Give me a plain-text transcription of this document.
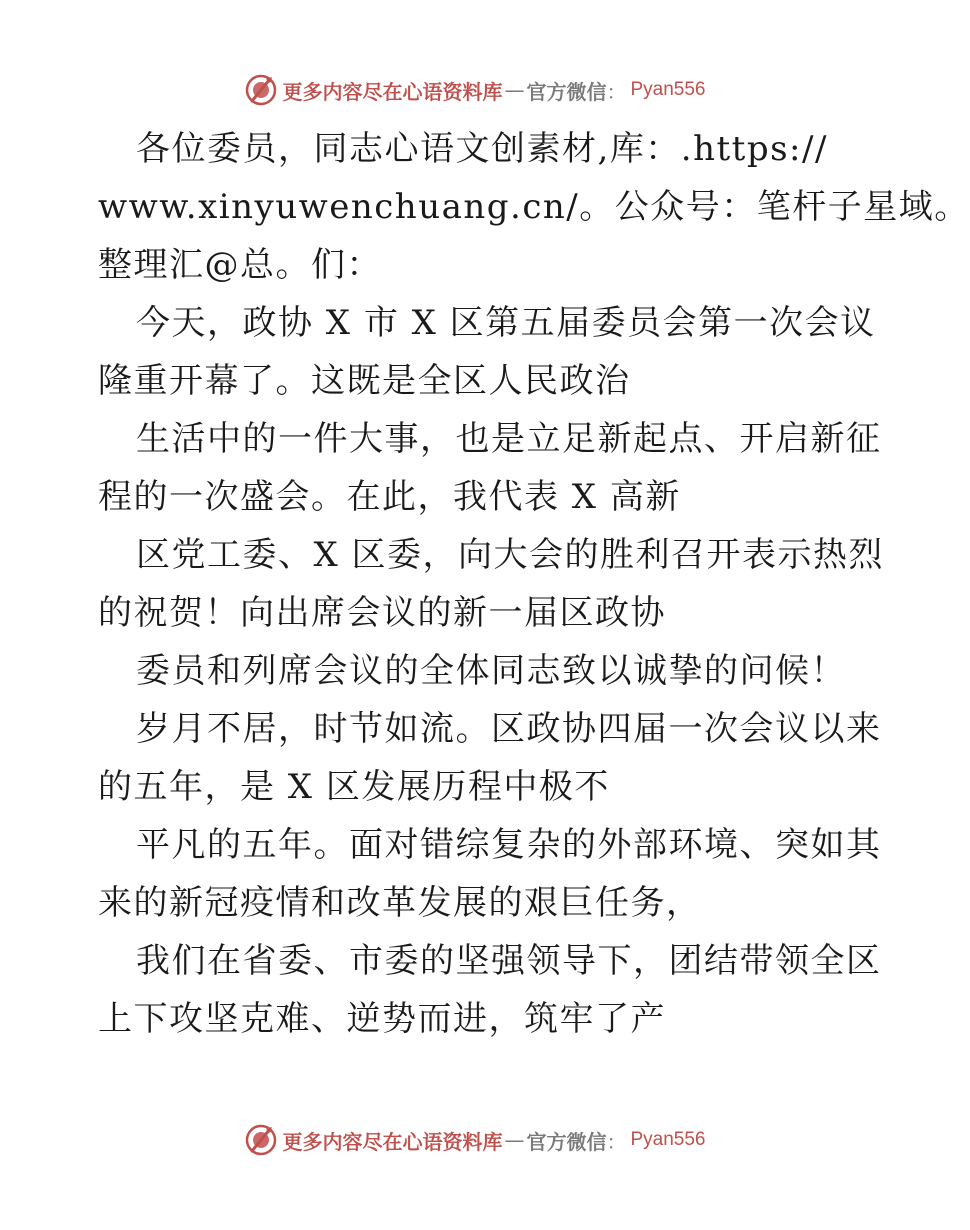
更多内容尽在心语资料库 — 官方微信 ： Pyan556
各位委员，同志心语文创素材,库：.https://
www.xinyuwenchuang.cn/。公众号：笔杆子星域。
整理汇@总。们：
今天，政协 X 市 X 区第五届委员会第一次会议
隆重开幕了。这既是全区人民政治
生活中的一件大事，也是立足新起点、开启新征
程的一次盛会。在此，我代表 X 高新
区党工委、X 区委，向大会的胜利召开表示热烈
的祝贺！向出席会议的新一届区政协
委员和列席会议的全体同志致以诚挚的问候！
岁月不居，时节如流。区政协四届一次会议以来
的五年，是 X 区发展历程中极不
平凡的五年。面对错综复杂的外部环境、突如其
来的新冠疫情和改革发展的艰巨任务，
我们在省委、市委的坚强领导下，团结带领全区
上下攻坚克难、逆势而进，筑牢了产
更多内容尽在心语资料库 — 官方微信 ： Pyan556
